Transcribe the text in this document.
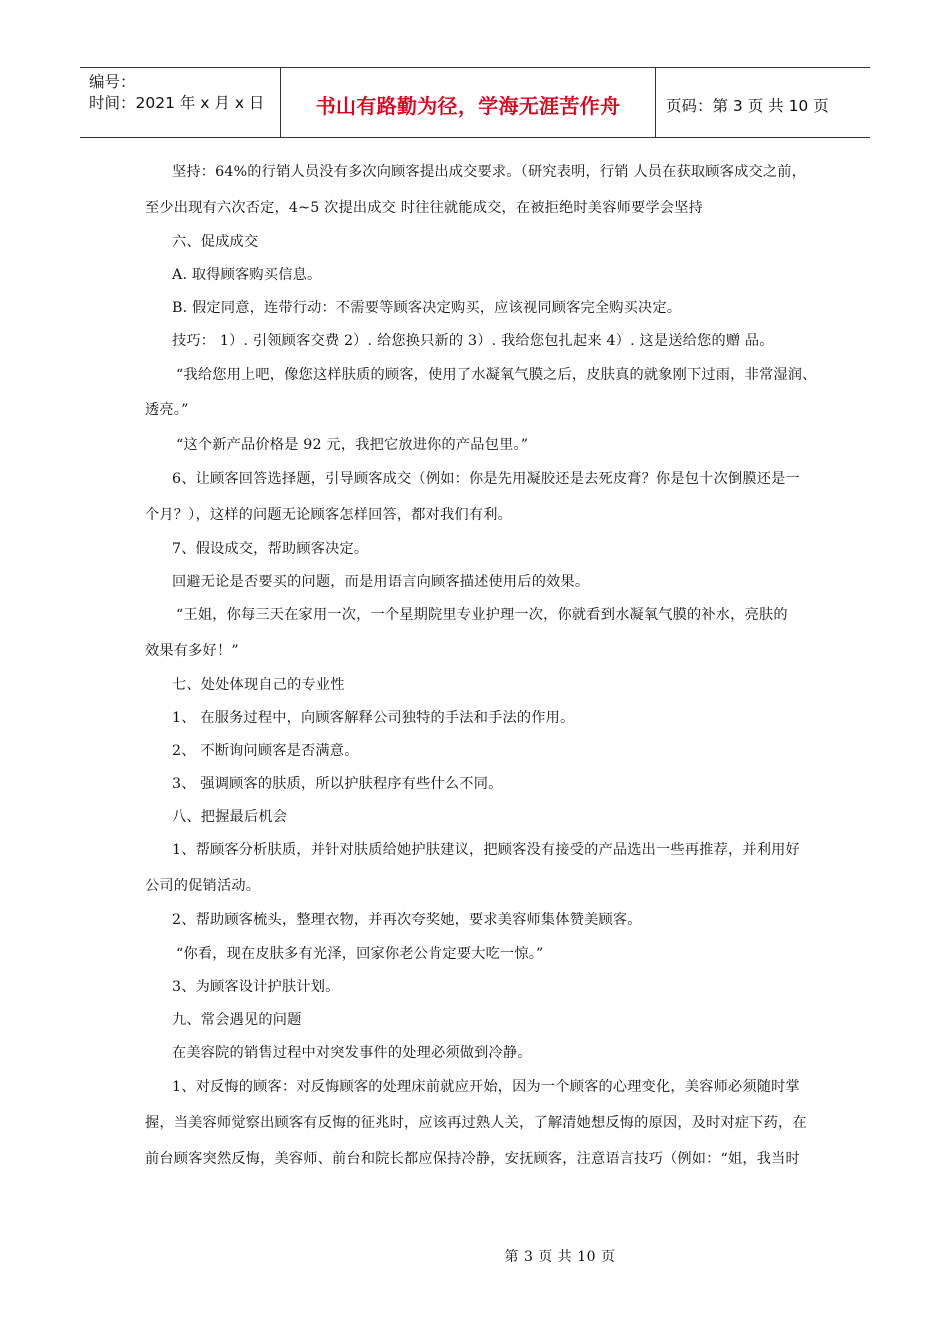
编号：
时间：2021 年 x 月 x 日	书山有路勤为径，学海无涯苦作舟	页码：第 3 页 共 10 页
坚持：64%的行销人员没有多次向顾客提出成交要求。（研究表明，行销 人员在获取顾客成交之前，
至少出现有六次否定，4~5 次提出成交 时往往就能成交，在被拒绝时美容师要学会坚持
六、促成成交
A. 取得顾客购买信息。
B. 假定同意，连带行动：不需要等顾客决定购买，应该视同顾客完全购买决定。
技巧： 1）. 引领顾客交费 2）. 给您换只新的 3）. 我给您包扎起来 4）. 这是送给您的赠 品。
“我给您用上吧，像您这样肤质的顾客，使用了水凝氧气膜之后，皮肤真的就象刚下过雨，非常湿润、
透亮。”
“这个新产品价格是 92 元，我把它放进你的产品包里。”
6、让顾客回答选择题，引导顾客成交（例如：你是先用凝胶还是去死皮膏？你是包十次倒膜还是一
个月？），这样的问题无论顾客怎样回答，都对我们有利。
7、假设成交，帮助顾客决定。
回避无论是否要买的问题，而是用语言向顾客描述使用后的效果。
“王姐，你每三天在家用一次，一个星期院里专业护理一次，你就看到水凝氧气膜的补水，亮肤的
效果有多好！”
七、处处体现自己的专业性
1、 在服务过程中，向顾客解释公司独特的手法和手法的作用。
2、 不断询问顾客是否满意。
3、 强调顾客的肤质，所以护肤程序有些什么不同。
八、把握最后机会
1、帮顾客分析肤质，并针对肤质给她护肤建议，把顾客没有接受的产品选出一些再推荐，并利用好
公司的促销活动。
2、帮助顾客梳头，整理衣物，并再次夸奖她，要求美容师集体赞美顾客。
“你看，现在皮肤多有光泽，回家你老公肯定要大吃一惊。”
3、为顾客设计护肤计划。
九、常会遇见的问题
在美容院的销售过程中对突发事件的处理必须做到冷静。
1、对反悔的顾客：对反悔顾客的处理床前就应开始，因为一个顾客的心理变化，美容师必须随时掌
握，当美容师觉察出顾客有反悔的征兆时，应该再过熟人关，了解清她想反悔的原因，及时对症下药，在
前台顾客突然反悔，美容师、前台和院长都应保持冷静，安抚顾客，注意语言技巧（例如：“姐，我当时
第 3 页 共 10 页
